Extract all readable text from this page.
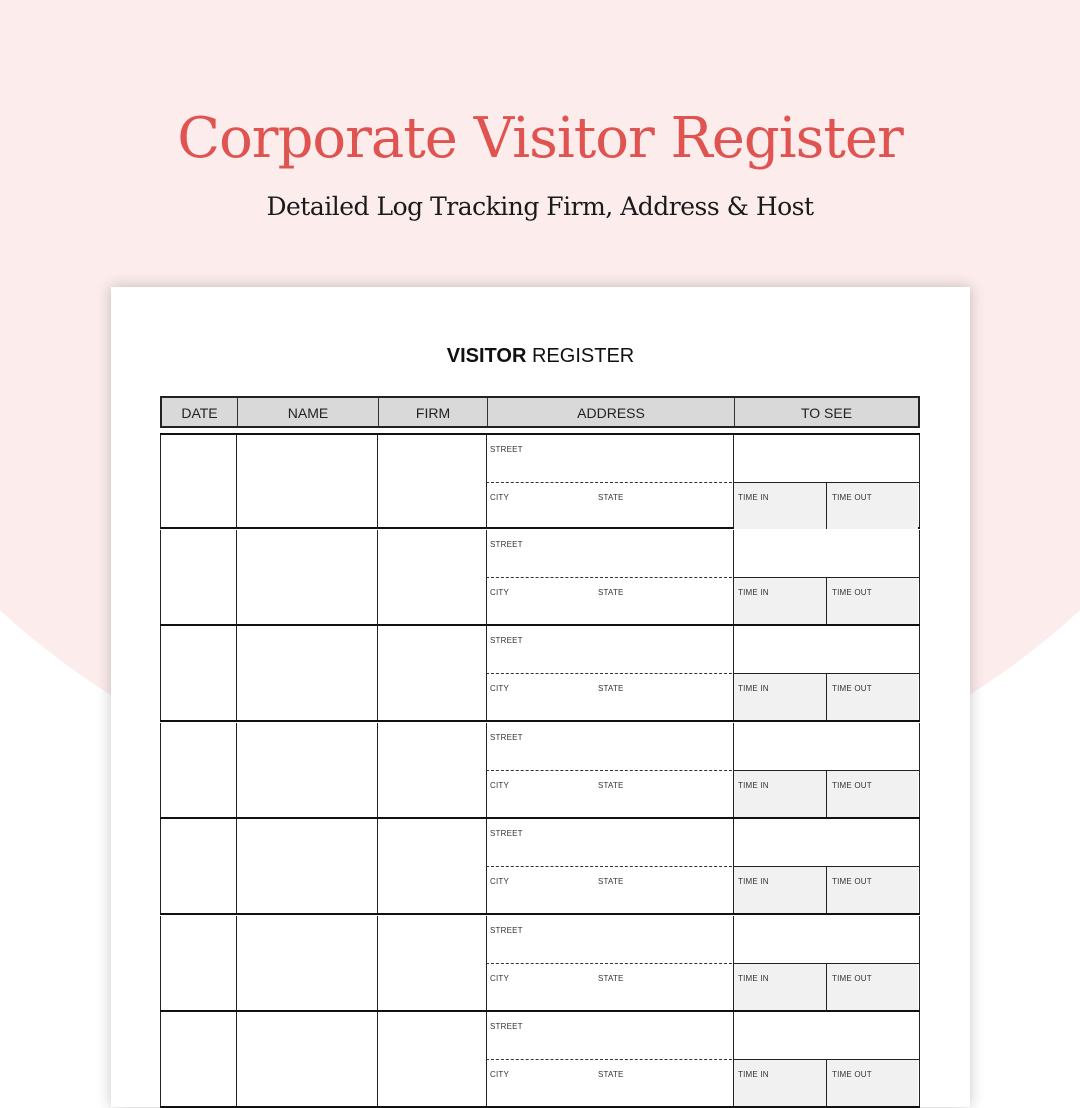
Corporate Visitor Register
Detailed Log Tracking Firm, Address & Host
VISITOR REGISTER
DATE	NAME	FIRM	ADDRESS	TO SEE
STREET
CITY	STATE	TIME IN	TIME OUT
STREET
CITY	STATE	TIME IN	TIME OUT
STREET
CITY	STATE	TIME IN	TIME OUT
STREET
CITY	STATE	TIME IN	TIME OUT
STREET
CITY	STATE	TIME IN	TIME OUT
STREET
CITY	STATE	TIME IN	TIME OUT
STREET
CITY	STATE	TIME IN	TIME OUT
